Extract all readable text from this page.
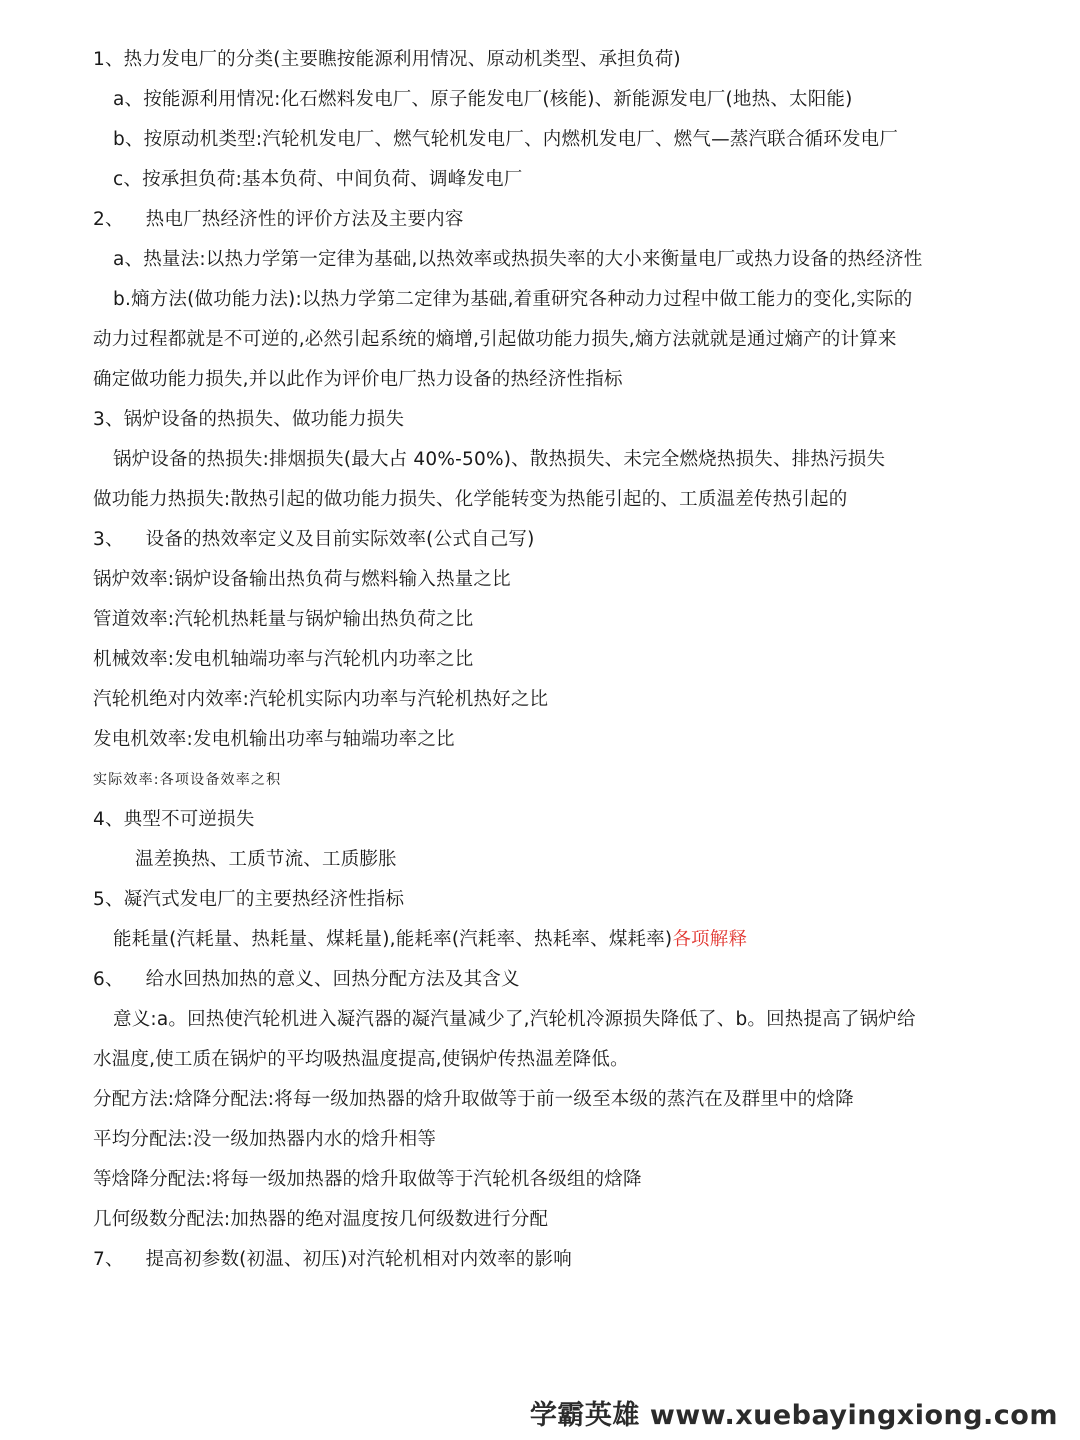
1、热力发电厂的分类(主要瞧按能源利用情况、原动机类型、承担负荷)
a、按能源利用情况:化石燃料发电厂、原子能发电厂(核能)、新能源发电厂(地热、太阳能)
b、按原动机类型:汽轮机发电厂、燃气轮机发电厂、内燃机发电厂、燃气—蒸汽联合循环发电厂
c、按承担负荷:基本负荷、中间负荷、调峰发电厂
2、 热电厂热经济性的评价方法及主要内容
a、热量法:以热力学第一定律为基础,以热效率或热损失率的大小来衡量电厂或热力设备的热经济性
b.熵方法(做功能力法):以热力学第二定律为基础,着重研究各种动力过程中做工能力的变化,实际的
动力过程都就是不可逆的,必然引起系统的熵增,引起做功能力损失,熵方法就就是通过熵产的计算来
确定做功能力损失,并以此作为评价电厂热力设备的热经济性指标
3、锅炉设备的热损失、做功能力损失
锅炉设备的热损失:排烟损失(最大占 40%-50%)、散热损失、未完全燃烧热损失、排热污损失
做功能力热损失:散热引起的做功能力损失、化学能转变为热能引起的、工质温差传热引起的
3、 设备的热效率定义及目前实际效率(公式自己写)
锅炉效率:锅炉设备输出热负荷与燃料输入热量之比
管道效率:汽轮机热耗量与锅炉输出热负荷之比
机械效率:发电机轴端功率与汽轮机内功率之比
汽轮机绝对内效率:汽轮机实际内功率与汽轮机热好之比
发电机效率:发电机输出功率与轴端功率之比
实际效率:各项设备效率之积
4、典型不可逆损失
温差换热、工质节流、工质膨胀
5、凝汽式发电厂的主要热经济性指标
能耗量(汽耗量、热耗量、煤耗量),能耗率(汽耗率、热耗率、煤耗率)各项解释
6、 给水回热加热的意义、回热分配方法及其含义
意义:a。回热使汽轮机进入凝汽器的凝汽量减少了,汽轮机冷源损失降低了、b。回热提高了锅炉给
水温度,使工质在锅炉的平均吸热温度提高,使锅炉传热温差降低。
分配方法:焓降分配法:将每一级加热器的焓升取做等于前一级至本级的蒸汽在及群里中的焓降
平均分配法:没一级加热器内水的焓升相等
等焓降分配法:将每一级加热器的焓升取做等于汽轮机各级组的焓降
几何级数分配法:加热器的绝对温度按几何级数进行分配
7、 提高初参数(初温、初压)对汽轮机相对内效率的影响
学霸英雄 www.xuebayingxiong.com
